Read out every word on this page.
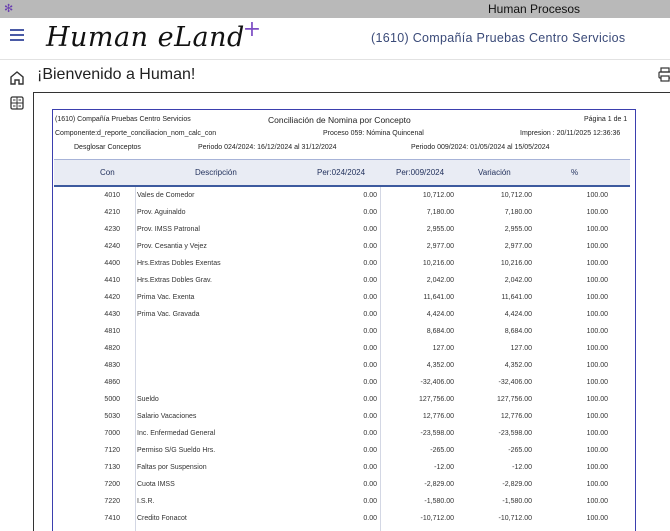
✻	Human Procesos
Human eLand+	(1610) Compañía Pruebas Centro Servicios
¡Bienvenido a Human!
(1610) Compañía Pruebas Centro Servicios	Conciliación de Nomina por Concepto	Página 1 de 1
Componente:d_reporte_conciliacion_nom_calc_con	Proceso 059: Nómina Quincenal	Impresion : 20/11/2025 12:36:36
Desglosar Conceptos	Periodo 024/2024: 16/12/2024 al 31/12/2024	Periodo 009/2024: 01/05/2024 al 15/05/2024
Con	Descripción	Per:024/2024	Per:009/2024	Variación	%
4010 Vales de Comedor	0.00	10,712.00	10,712.00	100.00
4210 Prov. Aguinaldo	0.00	7,180.00	7,180.00	100.00
4230 Prov. IMSS Patronal	0.00	2,955.00	2,955.00	100.00
4240 Prov. Cesantia y Vejez	0.00	2,977.00	2,977.00	100.00
4400 Hrs.Extras Dobles Exentas	0.00	10,216.00	10,216.00	100.00
4410 Hrs.Extras Dobles Grav.	0.00	2,042.00	2,042.00	100.00
4420 Prima Vac. Exenta	0.00	11,641.00	11,641.00	100.00
4430 Prima Vac. Gravada	0.00	4,424.00	4,424.00	100.00
4810	0.00	8,684.00	8,684.00	100.00
4820	0.00	127.00	127.00	100.00
4830	0.00	4,352.00	4,352.00	100.00
4860	0.00	-32,406.00	-32,406.00	100.00
5000 Sueldo	0.00	127,756.00	127,756.00	100.00
5030 Salario Vacaciones	0.00	12,776.00	12,776.00	100.00
7000 Inc. Enfermedad General	0.00	-23,598.00	-23,598.00	100.00
7120 Permiso S/G Sueldo Hrs.	0.00	-265.00	-265.00	100.00
7130 Faltas por Suspension	0.00	-12.00	-12.00	100.00
7200 Cuota IMSS	0.00	-2,829.00	-2,829.00	100.00
7220 I.S.R.	0.00	-1,580.00	-1,580.00	100.00
7410 Credito Fonacot	0.00	-10,712.00	-10,712.00	100.00
